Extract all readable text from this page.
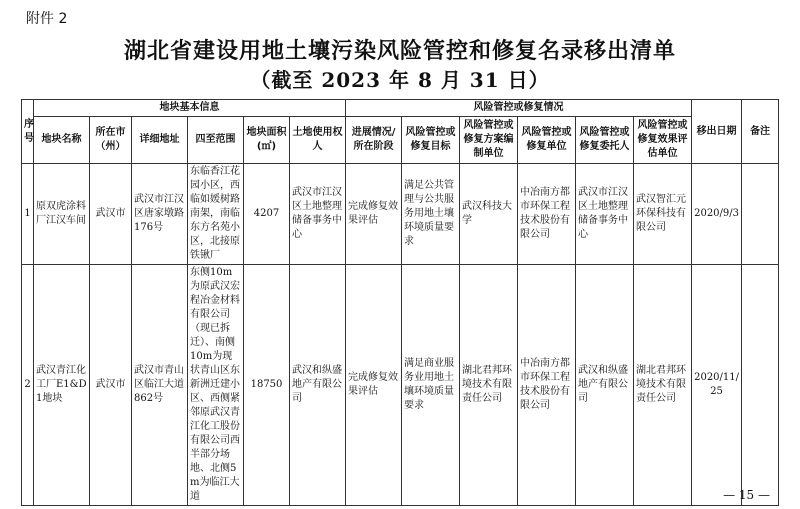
附件 2
湖北省建设用地土壤污染风险管控和修复名录移出清单
（截至 2023 年 8 月 31 日）
序号	地块基本信息						风险管控或修复情况						移出日期	备注
	地块名称	所在市（州）	详细地址	四至范围	地块面积(㎡)	土地使用权人	进展情况/所在阶段	风险管控或修复目标	风险管控或修复方案编制单位	风险管控或修复单位	风险管控或修复委托人	风险管控或修复效果评估单位		
1	原双虎涂料厂江汉车间	武汉市	武汉市江汉区唐家墩路176号	东临香江花园小区，西临如媛树路南架，南临东方名苑小区，北接原铁锹厂	4207	武汉市江汉区土地整理储备事务中心	完成修复效果评估	满足公共管理与公共服务用地土壤环境质量要求	武汉科技大学	中冶南方都市环保工程技术股份有限公司	武汉市江汉区土地整理储备事务中心	武汉智汇元环保科技有限公司	2020/9/3	
2	武汉青江化工厂E1&D1地块	武汉市	武汉市青山区临江大道862号	东侧10m为原武汉宏程冶金材料有限公司（现已拆迁）、南侧10m为现状青山区东新洲迁建小区、西侧紧邻原武汉青江化工股份有限公司西半部分场地、北侧5m为临江大道	18750	武汉和纵盛地产有限公司	完成修复效果评估	满足商业服务业用地土壤环境质量要求	湖北君邦环境技术有限责任公司	中冶南方都市环保工程技术股份有限公司	武汉和纵盛地产有限公司	湖北君邦环境技术有限责任公司	2020/11/25	
— 15 —
